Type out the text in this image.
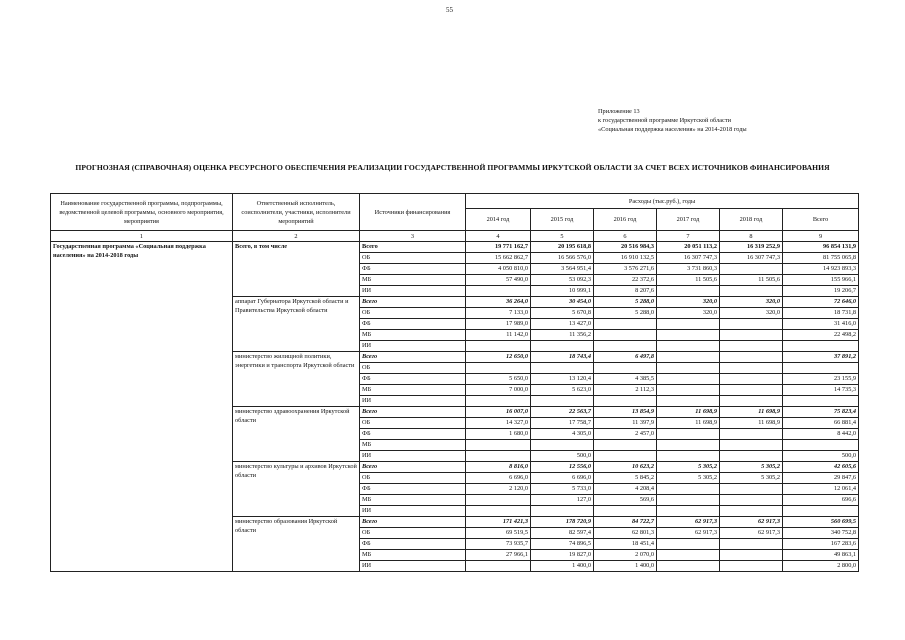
55
Приложение 13
к государственной программе Иркутской области
«Социальная поддержка населения» на 2014-2018 годы
ПРОГНОЗНАЯ (СПРАВОЧНАЯ) ОЦЕНКА РЕСУРСНОГО ОБЕСПЕЧЕНИЯ РЕАЛИЗАЦИИ ГОСУДАРСТВЕННОЙ ПРОГРАММЫ ИРКУТСКОЙ ОБЛАСТИ ЗА СЧЕТ ВСЕХ ИСТОЧНИКОВ ФИНАНСИРОВАНИЯ
Наименование государственной программы, подпрограммы, ведомственной целевой программы, основного мероприятия, мероприятия	Ответственный исполнитель, соисполнители, участники, исполнители мероприятий	Источники финансирования	Расходы (тыс.руб.), годы					
			2014 год	2015 год	2016 год	2017 год	2018 год	Всего
1	2	3	4	5	6	7	8	9
Государственная программа «Социальная поддержка населения» на 2014-2018 годы	Всего, в том числе	Всего	19 771 162,7	20 195 618,8	20 516 984,3	20 051 113,2	16 319 252,9	96 854 131,9
		ОБ	15 662 862,7	16 566 576,0	16 910 132,5	16 307 747,3	16 307 747,3	81 755 065,8
		ФБ	4 050 810,0	3 564 951,4	3 576 271,6	3 731 860,3		14 923 893,3
		МБ	57 490,0	53 092,3	22 372,6	11 505,6	11 505,6	155 966,1
		ИИ		10 999,1	8 207,6			19 206,7
	аппарат Губернатора Иркутской области и Правительства Иркутской области	Всего	36 264,0	30 454,0	5 288,0	320,0	320,0	72 646,0
		ОБ	7 133,0	5 670,8	5 288,0	320,0	320,0	18 731,8
		ФБ	17 989,0	13 427,0				31 416,0
		МБ	11 142,0	11 356,2				22 498,2
		ИИ						
	министерство жилищной политики, энергетики и транспорта Иркутской области	Всего	12 650,0	18 743,4	6 497,8			37 891,2
		ОБ						
		ФБ	5 650,0	13 120,4	4 385,5			23 155,9
		МБ	7 000,0	5 623,0	2 112,3			14 735,3
		ИИ						
	министерство здравоохранения Иркутской области	Всего	16 007,0	22 563,7	13 854,9	11 698,9	11 698,9	75 823,4
		ОБ	14 327,0	17 758,7	11 397,9	11 698,9	11 698,9	66 881,4
		ФБ	1 680,0	4 305,0	2 457,0			8 442,0
		МБ						
		ИИ		500,0				500,0
	министерство культуры и архивов Иркутской области	Всего	8 816,0	12 556,0	10 623,2	5 305,2	5 305,2	42 605,6
		ОБ	6 696,0	6 696,0	5 845,2	5 305,2	5 305,2	29 847,6
		ФБ	2 120,0	5 733,0	4 208,4			12 061,4
		МБ		127,0	569,6			696,6
		ИИ						
	министерство образования Иркутской области	Всего	171 421,3	178 720,9	84 722,7	62 917,3	62 917,3	560 699,5
		ОБ	69 519,5	82 597,4	62 801,3	62 917,3	62 917,3	340 752,8
		ФБ	73 935,7	74 896,5	18 451,4			167 283,6
		МБ	27 966,1	19 827,0	2 070,0			49 863,1
		ИИ		1 400,0	1 400,0			2 800,0
